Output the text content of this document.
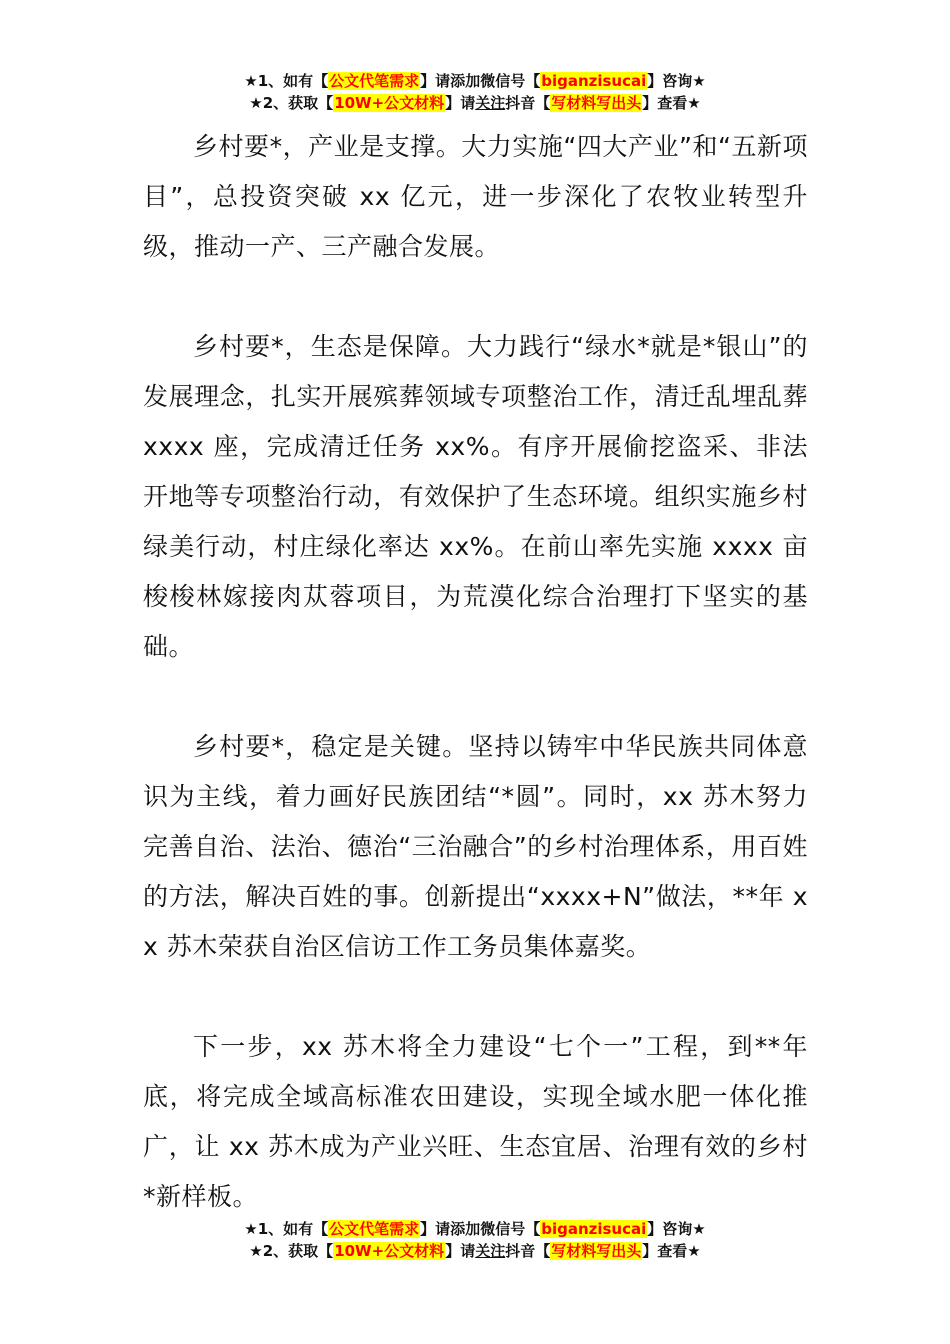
★1、如有【公文代笔需求】请添加微信号【biganzisucai】咨询★
★2、获取【10W+公文材料】请关注抖音【写材料写出头】查看★

乡村要*，产业是支撑。大力实施“四大产业”和“五新项目”，总投资突破 xx 亿元，进一步深化了农牧业转型升级，推动一产、三产融合发展。

乡村要*，生态是保障。大力践行“绿水*就是*银山”的发展理念，扎实开展殡葬领域专项整治工作，清迁乱埋乱葬 xxxx 座，完成清迁任务 xx%。有序开展偷挖盗采、非法开地等专项整治行动，有效保护了生态环境。组织实施乡村绿美行动，村庄绿化率达 xx%。在前山率先实施 xxxx 亩梭梭林嫁接肉苁蓉项目，为荒漠化综合治理打下坚实的基础。

乡村要*，稳定是关键。坚持以铸牢中华民族共同体意识为主线，着力画好民族团结“*圆”。同时，xx 苏木努力完善自治、法治、德治“三治融合”的乡村治理体系，用百姓的方法，解决百姓的事。创新提出“xxxx+N”做法，**年 xx 苏木荣获自治区信访工作工务员集体嘉奖。

下一步，xx 苏木将全力建设“七个一”工程，到**年底，将完成全域高标准农田建设，实现全域水肥一体化推广，让 xx 苏木成为产业兴旺、生态宜居、治理有效的乡村*新样板。

★1、如有【公文代笔需求】请添加微信号【biganzisucai】咨询★
★2、获取【10W+公文材料】请关注抖音【写材料写出头】查看★
